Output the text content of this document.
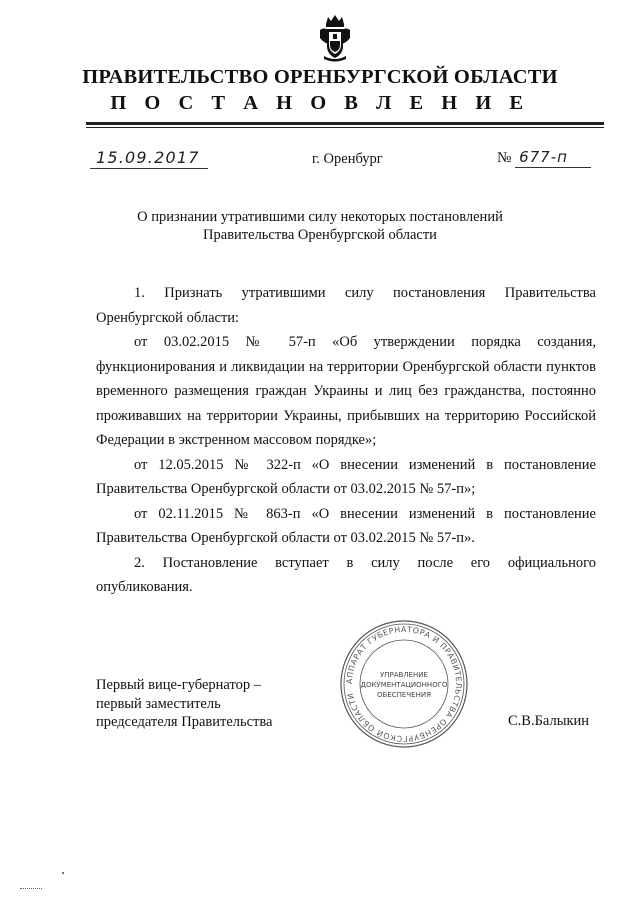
ПРАВИТЕЛЬСТВО ОРЕНБУРГСКОЙ ОБЛАСТИ
П О С Т А Н О В Л Е Н И Е
15.09.2017	г. Оренбург	№ 677-п
О признании утратившими силу некоторых постановлений
Правительства Оренбургской области

1. Признать утратившими силу постановления Правительства Оренбургской области:

от 03.02.2015 № 57-п «Об утверждении порядка создания, функционирования и ликвидации на территории Оренбургской области пунктов временного размещения граждан Украины и лиц без гражданства, постоянно проживавших на территории Украины, прибывших на территорию Российской Федерации в экстренном массовом порядке»;

от 12.05.2015 № 322-п «О внесении изменений в постановление Правительства Оренбургской области от 03.02.2015 № 57-п»;

от 02.11.2015 № 863-п «О внесении изменений в постановление Правительства Оренбургской области от 03.02.2015 № 57-п».

2. Постановление вступает в силу после его официального опубликования.

Первый вице-губернатор –
первый заместитель
председателя Правительства
АППАРАТ ГУБЕРНАТОРА И ПРАВИТЕЛЬСТВА ОРЕНБУРГСКОЙ ОБЛАСТИ
УПРАВЛЕНИЕ
ДОКУМЕНТАЦИОННОГО
ОБЕСПЕЧЕНИЯ
С.В.Балыкин
